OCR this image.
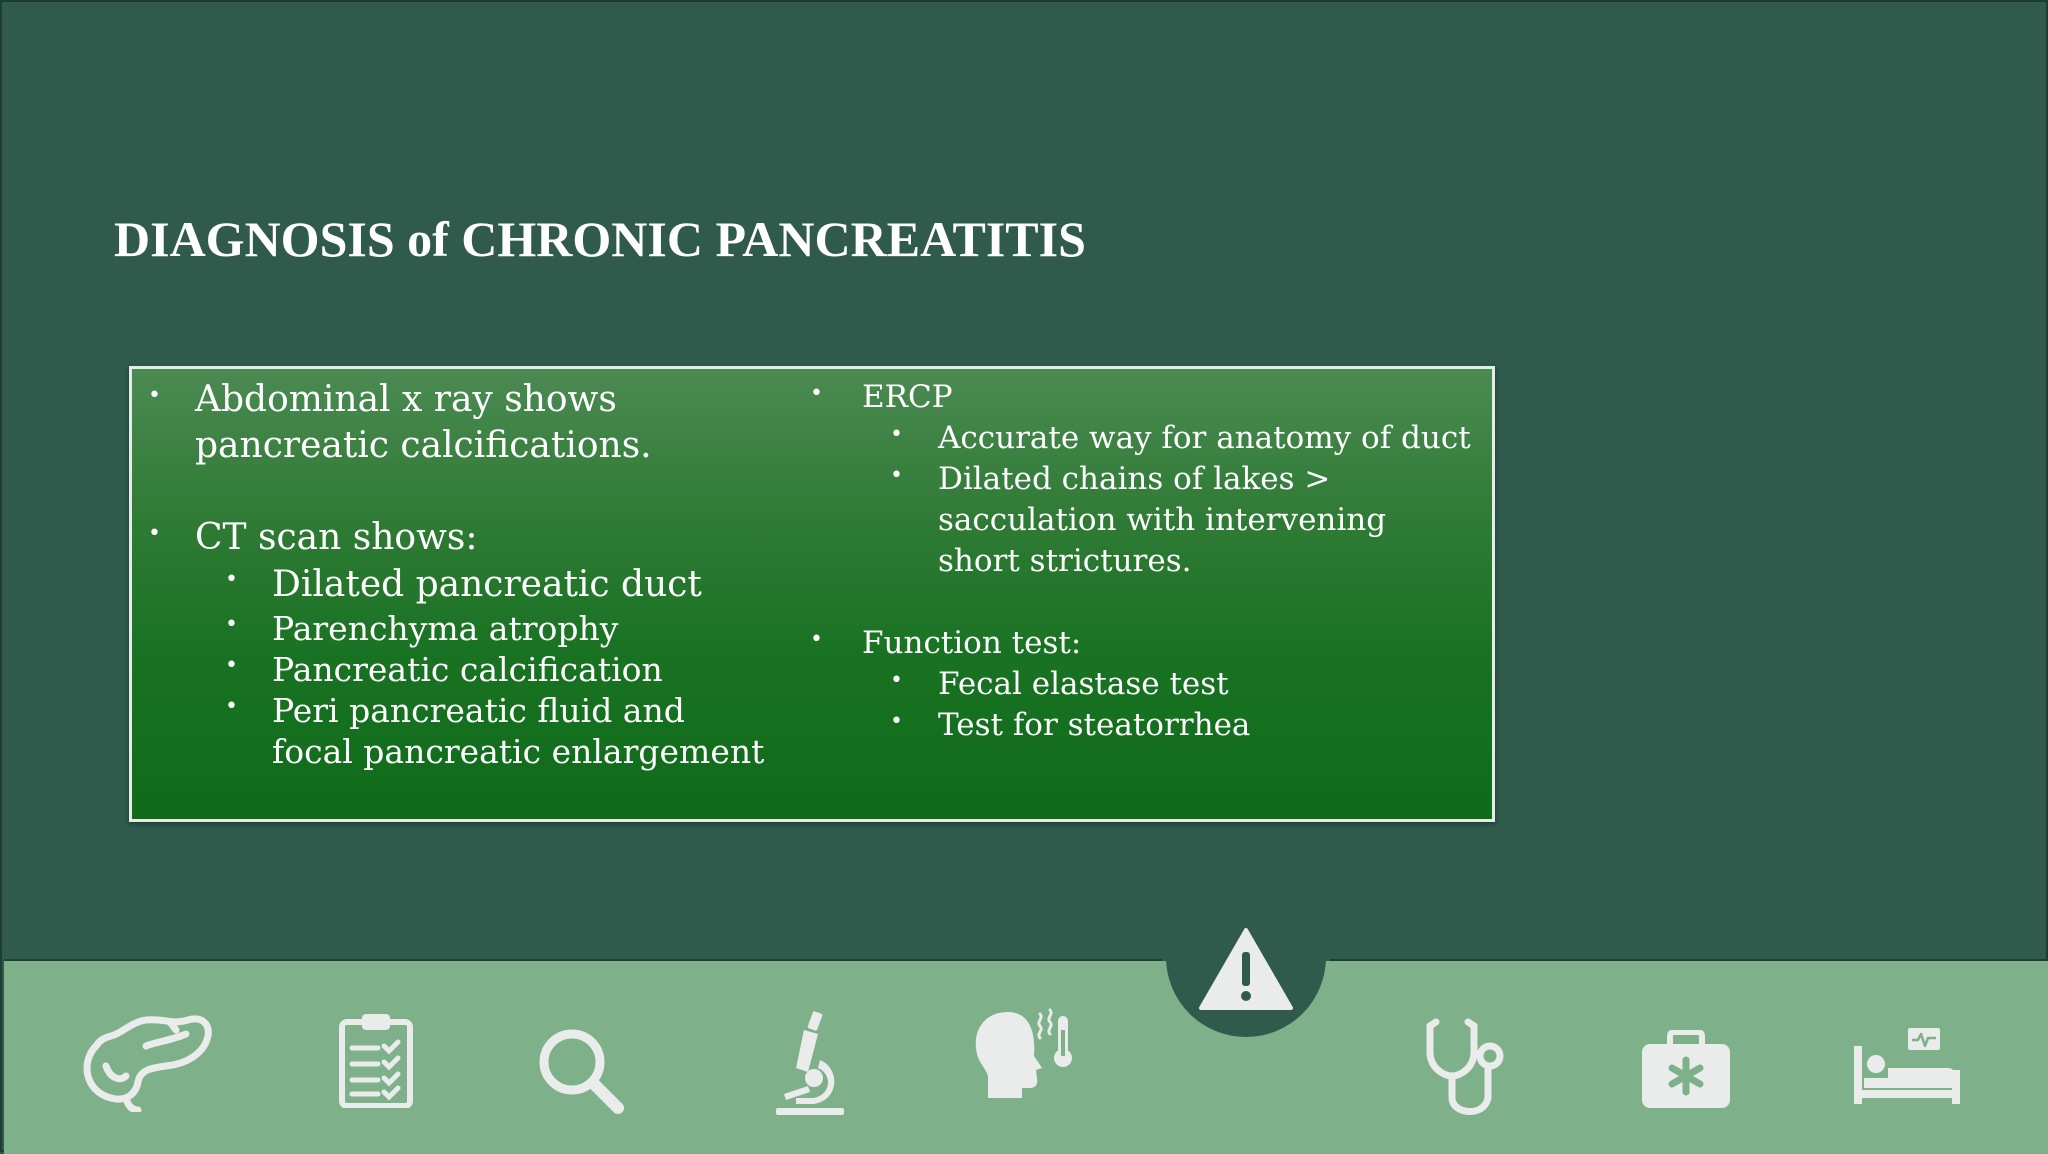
DIAGNOSIS of CHRONIC PANCREATITIS
• Abdominal x ray shows pancreatic calcifications.
• CT scan shows:
• Dilated pancreatic duct
• Parenchyma atrophy
• Pancreatic calcification
• Peri pancreatic fluid and focal pancreatic enlargement
• ERCP
• Accurate way for anatomy of duct
• Dilated chains of lakes > sacculation with intervening short strictures.
• Function test:
• Fecal elastase test
• Test for steatorrhea
